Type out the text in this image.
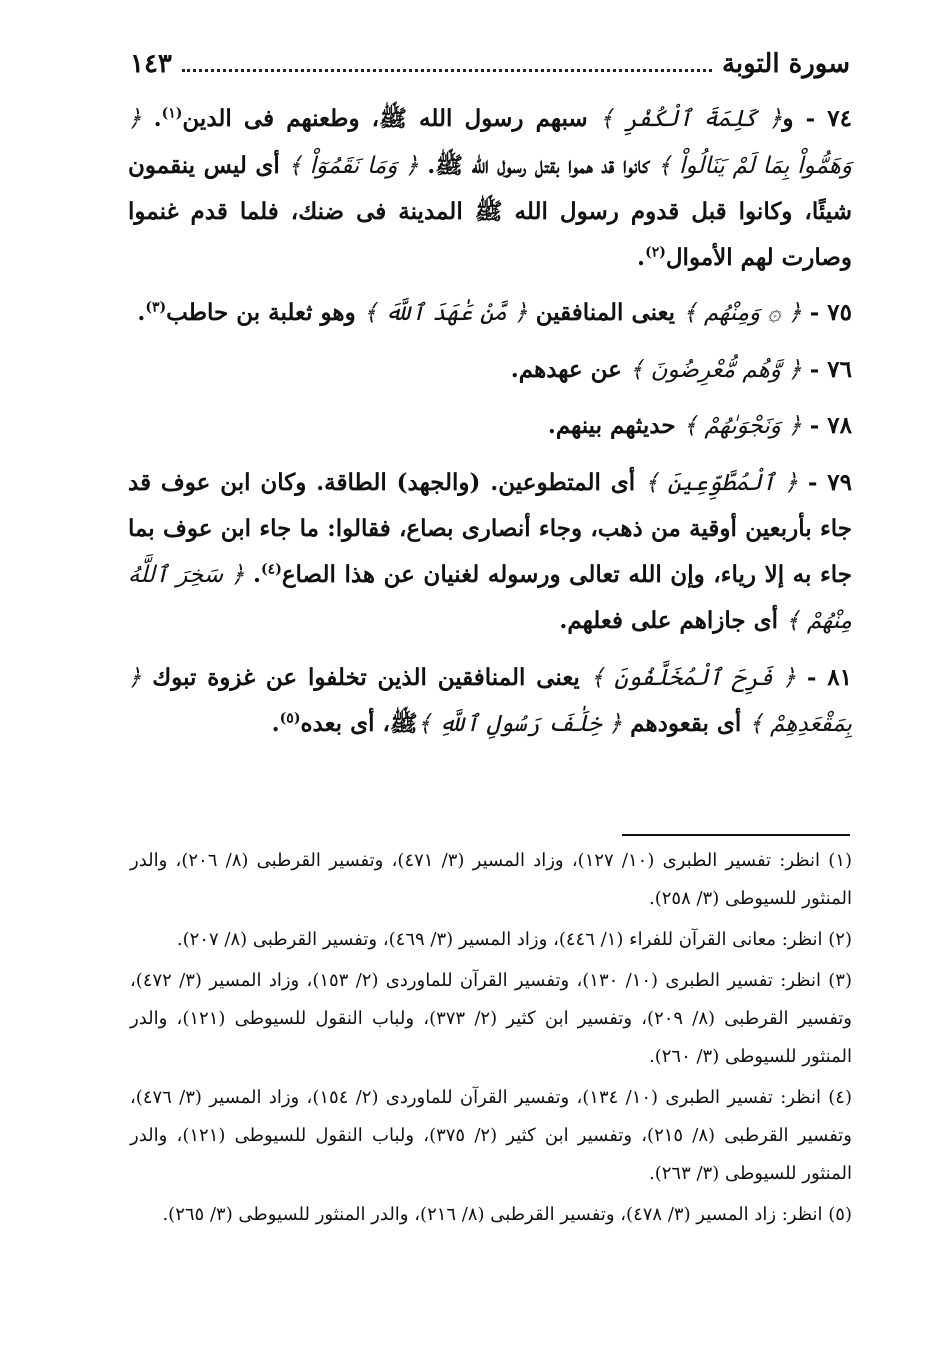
سورة التوبة
١٤٣

٧٤ - و﴿ كَلِمَةَ ٱلْكُفْرِ ﴾ سبهم رسول الله ﷺ، وطعنهم فى الدين$^{(١)}$. ﴿ وَهَمُّواْ بِمَا لَمْ يَنَالُواْ ﴾ كانوا قد هموا بقتل رسول الله ﷺ. ﴿ وَمَا نَقَمُوٓاْ ﴾ أى ليس ينقمون شيئًا، وكانوا قبل قدوم رسول الله ﷺ المدينة فى ضنك، فلما قدم غنموا وصارت لهم الأموال$^{(٢)}$.

٧٥ - ﴿ ۞ وَمِنْهُم ﴾ يعنى المنافقين ﴿ مَّنْ عَٰهَدَ ٱللَّهَ ﴾ وهو ثعلبة بن حاطب$^{(٣)}$.

٧٦ - ﴿ وَّهُم مُّعْرِضُونَ ﴾ عن عهدهم.

٧٨ - ﴿ وَنَجْوَىٰهُمْ ﴾ حديثهم بينهم.

٧٩ - ﴿ ٱلْمُطَّوِّعِينَ ﴾ أى المتطوعين. (والجهد) الطاقة. وكان ابن عوف قد جاء بأربعين أوقية من ذهب، وجاء أنصارى بصاع، فقالوا: ما جاء ابن عوف بما جاء به إلا رياء، وإن الله تعالى ورسوله لغنيان عن هذا الصاع$^{(٤)}$. ﴿ سَخِرَ ٱللَّهُ مِنْهُمْ ﴾ أى جازاهم على فعلهم.

٨١ - ﴿ فَرِحَ ٱلْمُخَلَّفُونَ ﴾ يعنى المنافقين الذين تخلفوا عن غزوة تبوك ﴿ بِمَقْعَدِهِمْ ﴾ أى بقعودهم ﴿ خِلَٰفَ رَسُولِ ٱللَّهِ ﴾ﷺ، أى بعده$^{(٥)}$.

(١) انظر: تفسير الطبرى (١٠/ ١٢٧)، وزاد المسير (٣/ ٤٧١)، وتفسير القرطبى (٨/ ٢٠٦)، والدر المنثور للسيوطى (٣/ ٢٥٨).

(٢) انظر: معانى القرآن للفراء (١/ ٤٤٦)، وزاد المسير (٣/ ٤٦٩)، وتفسير القرطبى (٨/ ٢٠٧).

(٣) انظر: تفسير الطبرى (١٠/ ١٣٠)، وتفسير القرآن للماوردى (٢/ ١٥٣)، وزاد المسير (٣/ ٤٧٢)، وتفسير القرطبى (٨/ ٢٠٩)، وتفسير ابن كثير (٢/ ٣٧٣)، ولباب النقول للسيوطى (١٢١)، والدر المنثور للسيوطى (٣/ ٢٦٠).

(٤) انظر: تفسير الطبرى (١٠/ ١٣٤)، وتفسير القرآن للماوردى (٢/ ١٥٤)، وزاد المسير (٣/ ٤٧٦)، وتفسير القرطبى (٨/ ٢١٥)، وتفسير ابن كثير (٢/ ٣٧٥)، ولباب النقول للسيوطى (١٢١)، والدر المنثور للسيوطى (٣/ ٢٦٣).

(٥) انظر: زاد المسير (٣/ ٤٧٨)، وتفسير القرطبى (٨/ ٢١٦)، والدر المنثور للسيوطى (٣/ ٢٦٥).
